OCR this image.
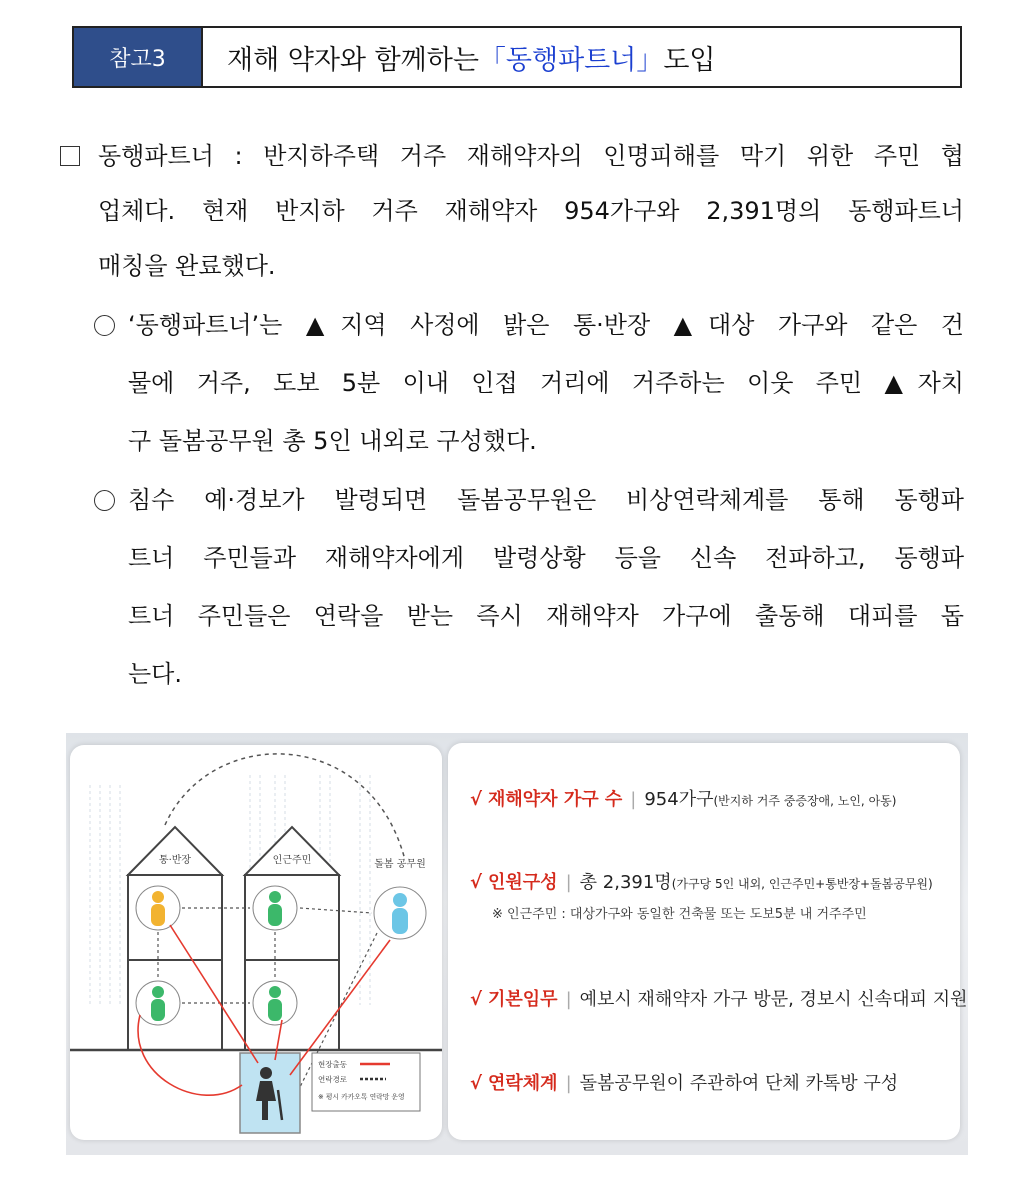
참고3	재해 약자와 함께하는 「동행파트너」 도입
동행파트너 : 반지하주택 거주 재해약자의 인명피해를 막기 위한 주민 협
업체다. 현재 반지하 거주 재해약자 954가구와 2,391명의 동행파트너
매칭을 완료했다.
‘동행파트너’는 ▲지역 사정에 밝은 통·반장 ▲대상 가구와 같은 건
물에 거주, 도보 5분 이내 인접 거리에 거주하는 이웃 주민 ▲자치
구 돌봄공무원 총 5인 내외로 구성했다.
침수 예·경보가 발령되면 돌봄공무원은 비상연락체계를 통해 동행파
트너 주민들과 재해약자에게 발령상황 등을 신속 전파하고, 동행파
트너 주민들은 연락을 받는 즉시 재해약자 가구에 출동해 대피를 돕
는다.
통·반장	인근주민	돌봄 공무원
현장출동
연락경로
※ 평시 카카오톡 연락망 운영
√ 재해약자 가구 수 | 954가구(반지하 거주 중증장애, 노인, 아동)
√ 인원구성 | 총 2,391명(가구당 5인 내외, 인근주민+통반장+돌봄공무원)
※ 인근주민 : 대상가구와 동일한 건축물 또는 도보5분 내 거주주민
√ 기본임무 | 예보시 재해약자 가구 방문, 경보시 신속대피 지원
√ 연락체계 | 돌봄공무원이 주관하여 단체 카톡방 구성
